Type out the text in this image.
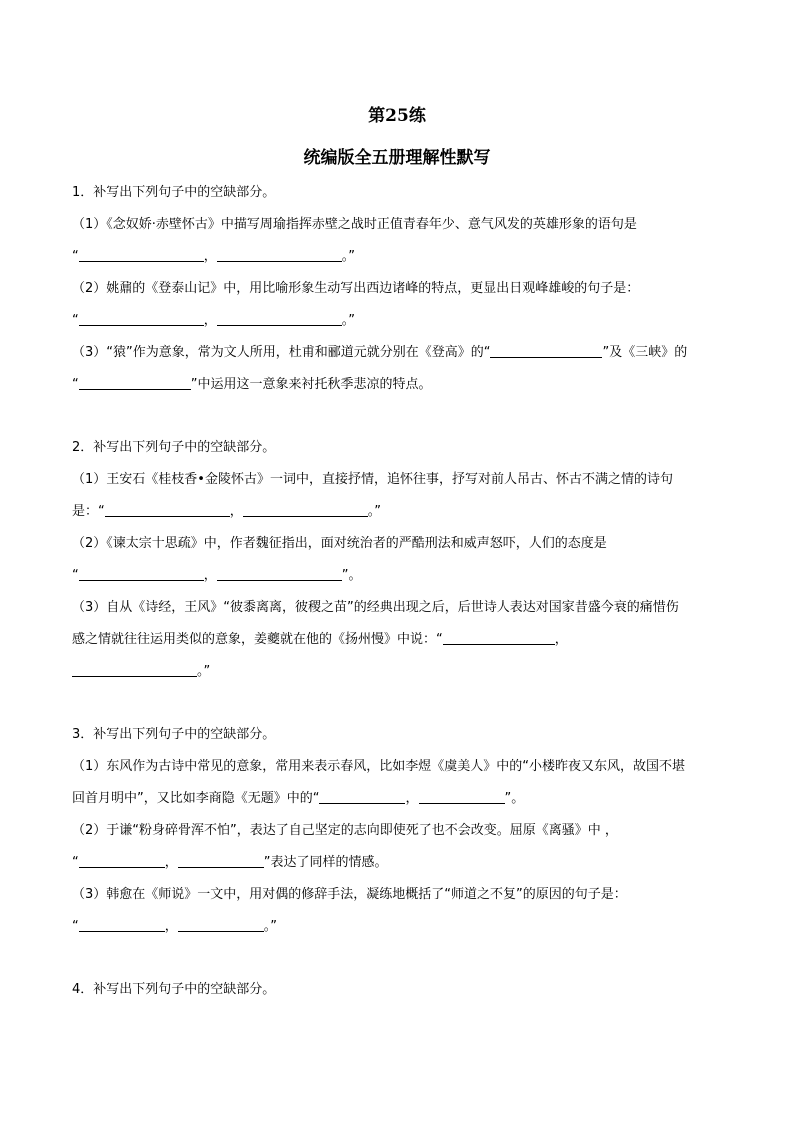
第25练
统编版全五册理解性默写

1．补写出下列句子中的空缺部分。

（1）《念奴娇·赤壁怀古》中描写周瑜指挥赤壁之战时正值青春年少、意气风发的英雄形象的语句是

“	，	。”

（2）姚鼐的《登泰山记》中，用比喻形象生动写出西边诸峰的特点，更显出日观峰雄峻的句子是：

“	，	。”

（3）“猿”作为意象，常为文人所用，杜甫和郦道元就分别在《登高》的“	”及《三峡》的

“	”中运用这一意象来衬托秋季悲凉的特点。

2．补写出下列句子中的空缺部分。

（1）王安石《桂枝香•金陵怀古》一词中，直接抒情，追怀往事，抒写对前人吊古、怀古不满之情的诗句

是：“	，	。”

（2）《谏太宗十思疏》中，作者魏征指出，面对统治者的严酷刑法和威声怒吓，人们的态度是

“	，	”。

（3）自从《诗经，王风》“彼黍离离，彼稷之苗”的经典出现之后，后世诗人表达对国家昔盛今衰的痛惜伤

感之情就往往运用类似的意象，姜夔就在他的《扬州慢》中说：“	，

。”

3．补写出下列句子中的空缺部分。

（1）东风作为古诗中常见的意象，常用来表示春风，比如李煜《虞美人》中的“小楼昨夜又东风，故国不堪

回首月明中”，又比如李商隐《无题》中的“	，	”。

（2）于谦“粉身碎骨浑不怕”，表达了自己坚定的志向即使死了也不会改变。屈原《离骚》中 ，

“	，	”表达了同样的情感。

（3）韩愈在《师说》一文中，用对偶的修辞手法，凝练地概括了“师道之不复”的原因的句子是：

“	，	。”

4．补写出下列句子中的空缺部分。
